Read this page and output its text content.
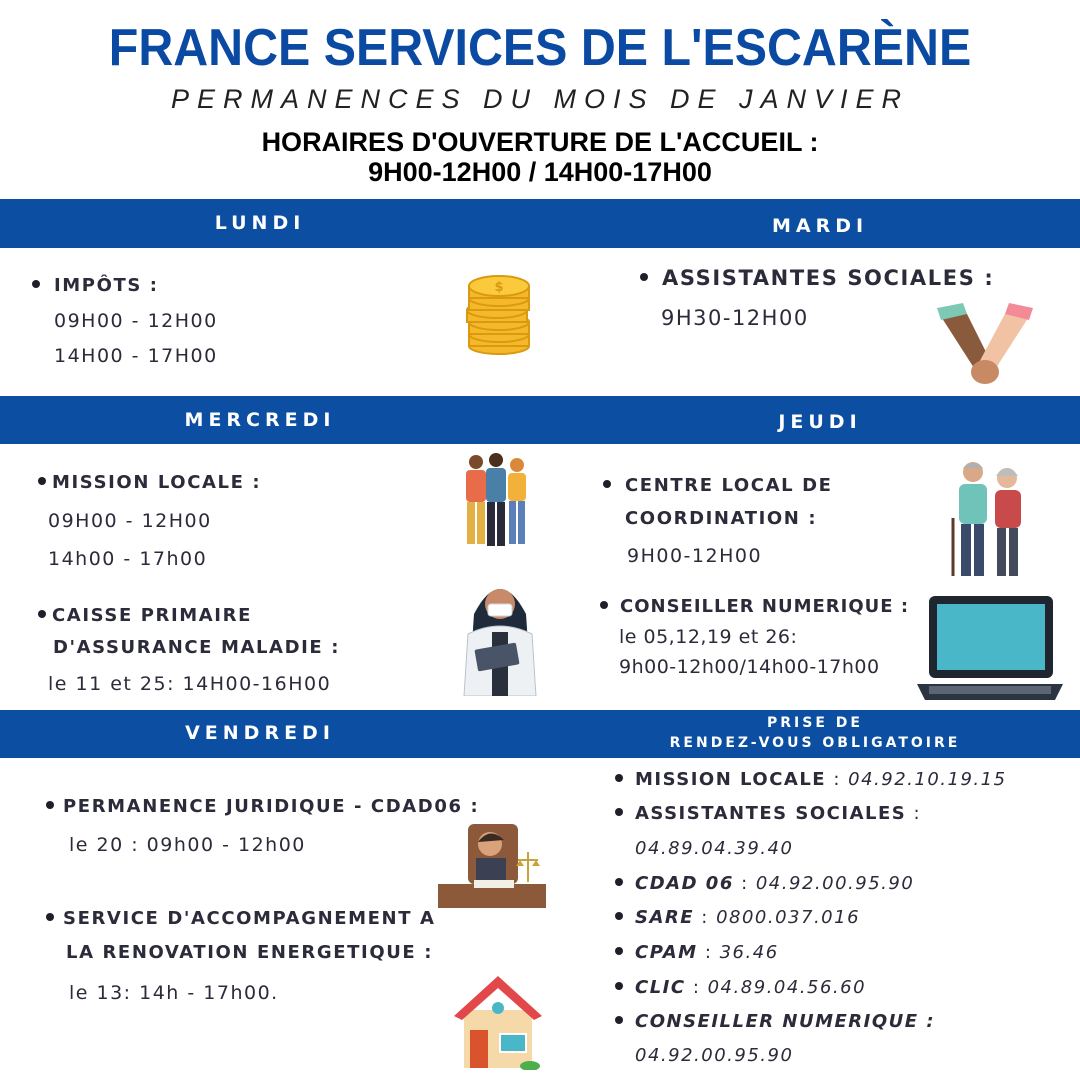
FRANCE SERVICES DE L'ESCARÈNE
PERMANENCES DU MOIS DE JANVIER
HORAIRES D'OUVERTURE DE L'ACCUEIL :
9H00-12H00 / 14H00-17H00
LUNDI	MARDI
MERCREDI	JEUDI
VENDREDI	PRISE DE
RENDEZ-VOUS OBLIGATOIRE
IMPÔTS :
09H00 - 12H00
14H00 - 17H00
$	ASSISTANTES SOCIALES :
9H30-12H00
MISSION LOCALE :
09H00 - 12H00
14h00 - 17h00
CAISSE PRIMAIRE
D'ASSURANCE MALADIE :
le 11 et 25: 14H00-16H00
CENTRE LOCAL DE
COORDINATION :
9H00-12H00
CONSEILLER NUMERIQUE :
le 05,12,19 et 26:
9h00-12h00/14h00-17h00
PERMANENCE JURIDIQUE - CDAD06 :
le 20 : 09h00 - 12h00
SERVICE D'ACCOMPAGNEMENT A
LA RENOVATION ENERGETIQUE :
le 13: 14h - 17h00.
MISSION LOCALE : 04.92.10.19.15
ASSISTANTES SOCIALES :
04.89.04.39.40
CDAD 06 : 04.92.00.95.90
SARE : 0800.037.016
CPAM : 36.46
CLIC : 04.89.04.56.60
CONSEILLER NUMERIQUE :
04.92.00.95.90
